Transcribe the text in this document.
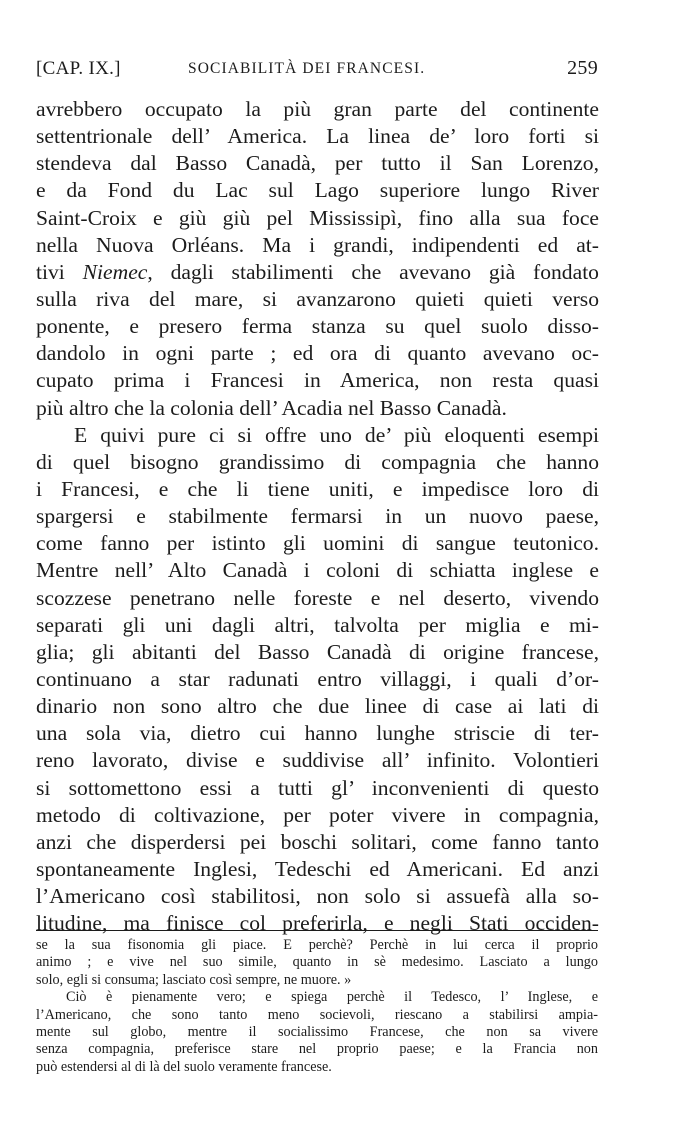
[CAP. IX.]	SOCIABILITÀ DEI FRANCESI.	259
avrebbero occupato la più gran parte del continente
settentrionale dell’ America. La linea de’ loro forti si
stendeva dal Basso Canadà, per tutto il San Lorenzo,
e da Fond du Lac sul Lago superiore lungo River
Saint-Croix e giù giù pel Mississipì, fino alla sua foce
nella Nuova Orléans. Ma i grandi, indipendenti ed at-
tivi Niemec, dagli stabilimenti che avevano già fondato
sulla riva del mare, si avanzarono quieti quieti verso
ponente, e presero ferma stanza su quel suolo disso-
dandolo in ogni parte ; ed ora di quanto avevano oc-
cupato prima i Francesi in America, non resta quasi
più altro che la colonia dell’ Acadia nel Basso Canadà.
E quivi pure ci si offre uno de’ più eloquenti esempi
di quel bisogno grandissimo di compagnia che hanno
i Francesi, e che li tiene uniti, e impedisce loro di
spargersi e stabilmente fermarsi in un nuovo paese,
come fanno per istinto gli uomini di sangue teutonico.
Mentre nell’ Alto Canadà i coloni di schiatta inglese e
scozzese penetrano nelle foreste e nel deserto, vivendo
separati gli uni dagli altri, talvolta per miglia e mi-
glia; gli abitanti del Basso Canadà di origine francese,
continuano a star radunati entro villaggi, i quali d’or-
dinario non sono altro che due linee di case ai lati di
una sola via, dietro cui hanno lunghe striscie di ter-
reno lavorato, divise e suddivise all’ infinito. Volontieri
si sottomettono essi a tutti gl’ inconvenienti di questo
metodo di coltivazione, per poter vivere in compagnia,
anzi che disperdersi pei boschi solitari, come fanno tanto
spontaneamente Inglesi, Tedeschi ed Americani. Ed anzi
l’Americano così stabilitosi, non solo si assuefà alla so-
litudine, ma finisce col preferirla, e negli Stati occiden-
se la sua fisonomia gli piace. E perchè? Perchè in lui cerca il proprio
animo ; e vive nel suo simile, quanto in sè medesimo. Lasciato a lungo
solo, egli si consuma; lasciato così sempre, ne muore. »
Ciò è pienamente vero; e spiega perchè il Tedesco, l’ Inglese, e
l’Americano, che sono tanto meno socievoli, riescano a stabilirsi ampia-
mente sul globo, mentre il socialissimo Francese, che non sa vivere
senza compagnia, preferisce stare nel proprio paese; e la Francia non
può estendersi al di là del suolo veramente francese.
